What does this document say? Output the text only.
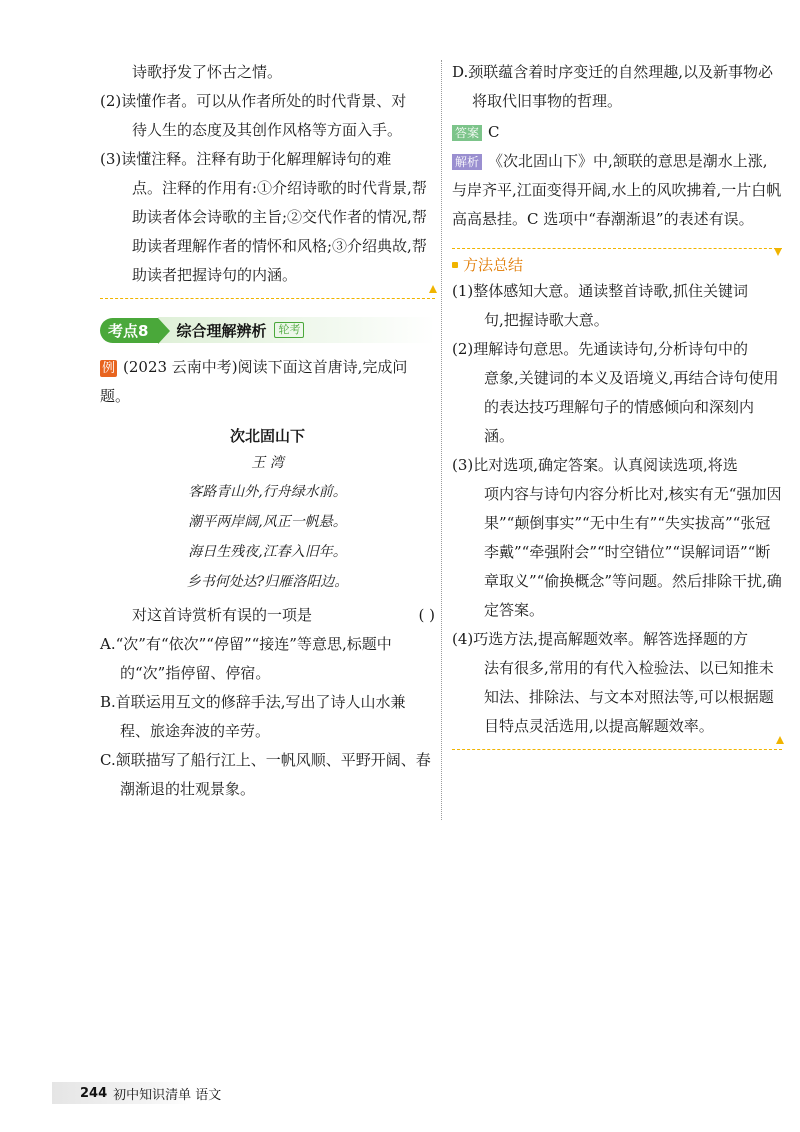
诗歌抒发了怀古之情。

(2) 读懂作者。可以从作者所处的时代背景、对

待人生的态度及其创作风格等方面入手。

(3) 读懂注释。注释有助于化解理解诗句的难

点。注释的作用有:①介绍诗歌的时代背景,帮助读者体会诗歌的主旨;②交代作者的情况,帮助读者理解作者的情怀和风格;③介绍典故,帮助读者把握诗句的内涵。

考点8	综合理解辨析	轮考
例 (2023 云南中考)阅读下面这首唐诗,完成问题。
次北固山下
王 湾
客路青山外,行舟绿水前。
潮平两岸阔,风正一帆悬。
海日生残夜,江春入旧年。
乡书何处达?归雁洛阳边。
对这首诗赏析有误的一项是	( )
A.“次”有“依次”“停留”“接连”等意思,标题中的“次”指停留、停宿。
B.首联运用互文的修辞手法,写出了诗人山水兼程、旅途奔波的辛劳。
C.颔联描写了船行江上、一帆风顺、平野开阔、春潮渐退的壮观景象。
D.颈联蕴含着时序变迁的自然理趣,以及新事物必将取代旧事物的哲理。
答案 C
解析 《次北固山下》中,颔联的意思是潮水上涨,与岸齐平,江面变得开阔,水上的风吹拂着,一片白帆高高悬挂。C 选项中“春潮渐退”的表述有误。
方法总结
(1) 整体感知大意。通读整首诗歌,抓住关键词

句,把握诗歌大意。

(2) 理解诗句意思。先通读诗句,分析诗句中的

意象,关键词的本义及语境义,再结合诗句使用的表达技巧理解句子的情感倾向和深刻内涵。

(3) 比对选项,确定答案。认真阅读选项,将选

项内容与诗句内容分析比对,核实有无“强加因果”“颠倒事实”“无中生有”“失实拔高”“张冠李戴”“牵强附会”“时空错位”“误解词语”“断章取义”“偷换概念”等问题。然后排除干扰,确定答案。

(4) 巧选方法,提高解题效率。解答选择题的方

法有很多,常用的有代入检验法、以已知推未知法、排除法、与文本对照法等,可以根据题目特点灵活选用,以提高解题效率。

244 初中知识清单 语文
